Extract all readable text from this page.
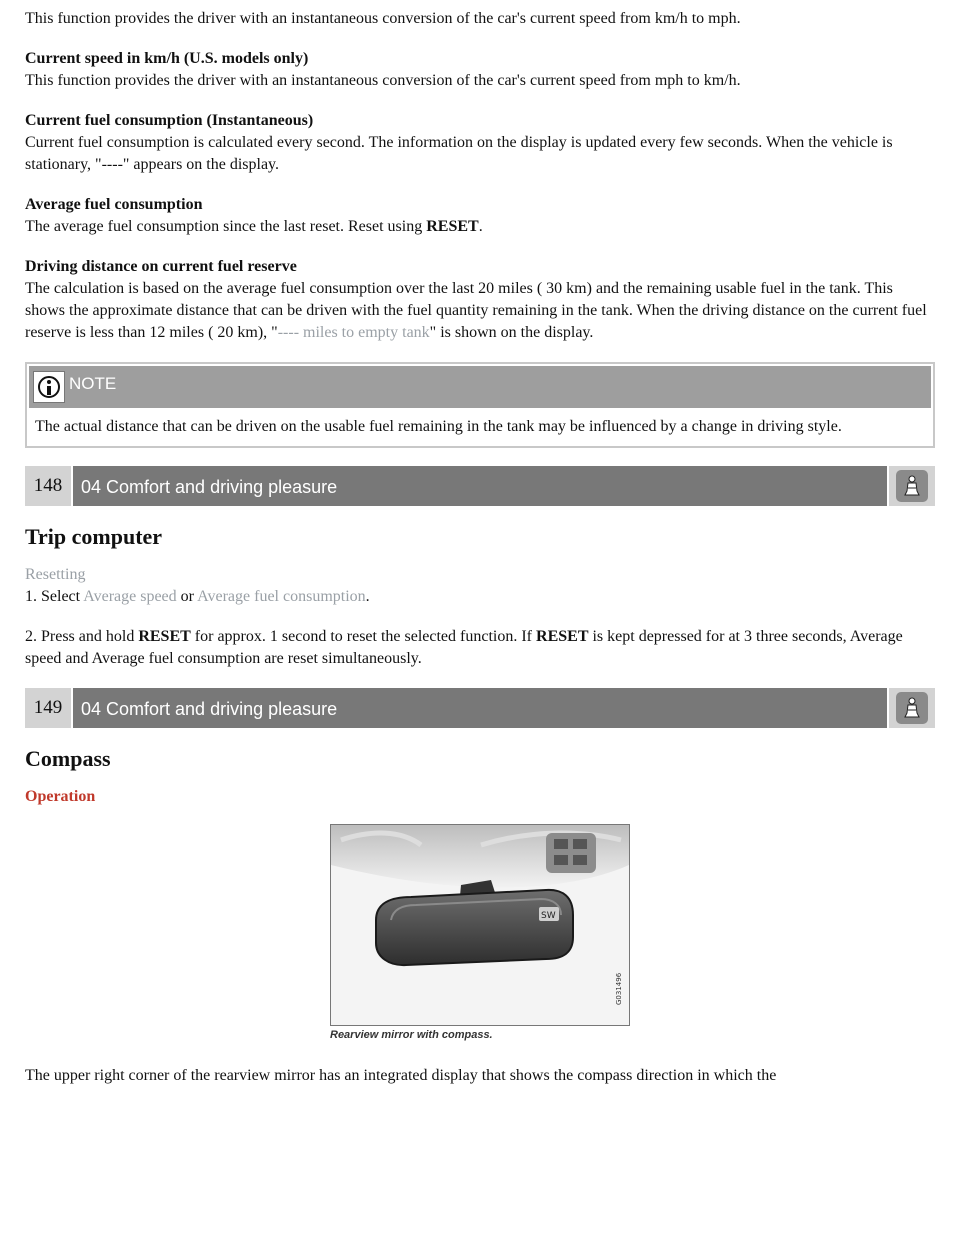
This function provides the driver with an instantaneous conversion of the car's current speed from km/h to mph.

Current speed in km/h (U.S. models only)

This function provides the driver with an instantaneous conversion of the car's current speed from mph to km/h.

Current fuel consumption (Instantaneous)

Current fuel consumption is calculated every second. The information on the display is updated every few seconds. When the vehicle is stationary, "----" appears on the display.

Average fuel consumption

The average fuel consumption since the last reset. Reset using RESET.

Driving distance on current fuel reserve

The calculation is based on the average fuel consumption over the last 20 miles ( 30 km) and the remaining usable fuel in the tank. This shows the approximate distance that can be driven with the fuel quantity remaining in the tank. When the driving distance on the current fuel reserve is less than 12 miles ( 20 km), "---- miles to empty tank" is shown on the display.

NOTE

The actual distance that can be driven on the usable fuel remaining in the tank may be influenced by a change in driving style.

148	04 Comfort and driving pleasure
Trip computer

Resetting

1. Select Average speed or Average fuel consumption.

2. Press and hold RESET for approx. 1 second to reset the selected function. If RESET is kept depressed for at 3 three seconds, Average speed and Average fuel consumption are reset simultaneously.

149	04 Comfort and driving pleasure
Compass

Operation

SW
G031496
Rearview mirror with compass.

The upper right corner of the rearview mirror has an integrated display that shows the compass direction in which the
